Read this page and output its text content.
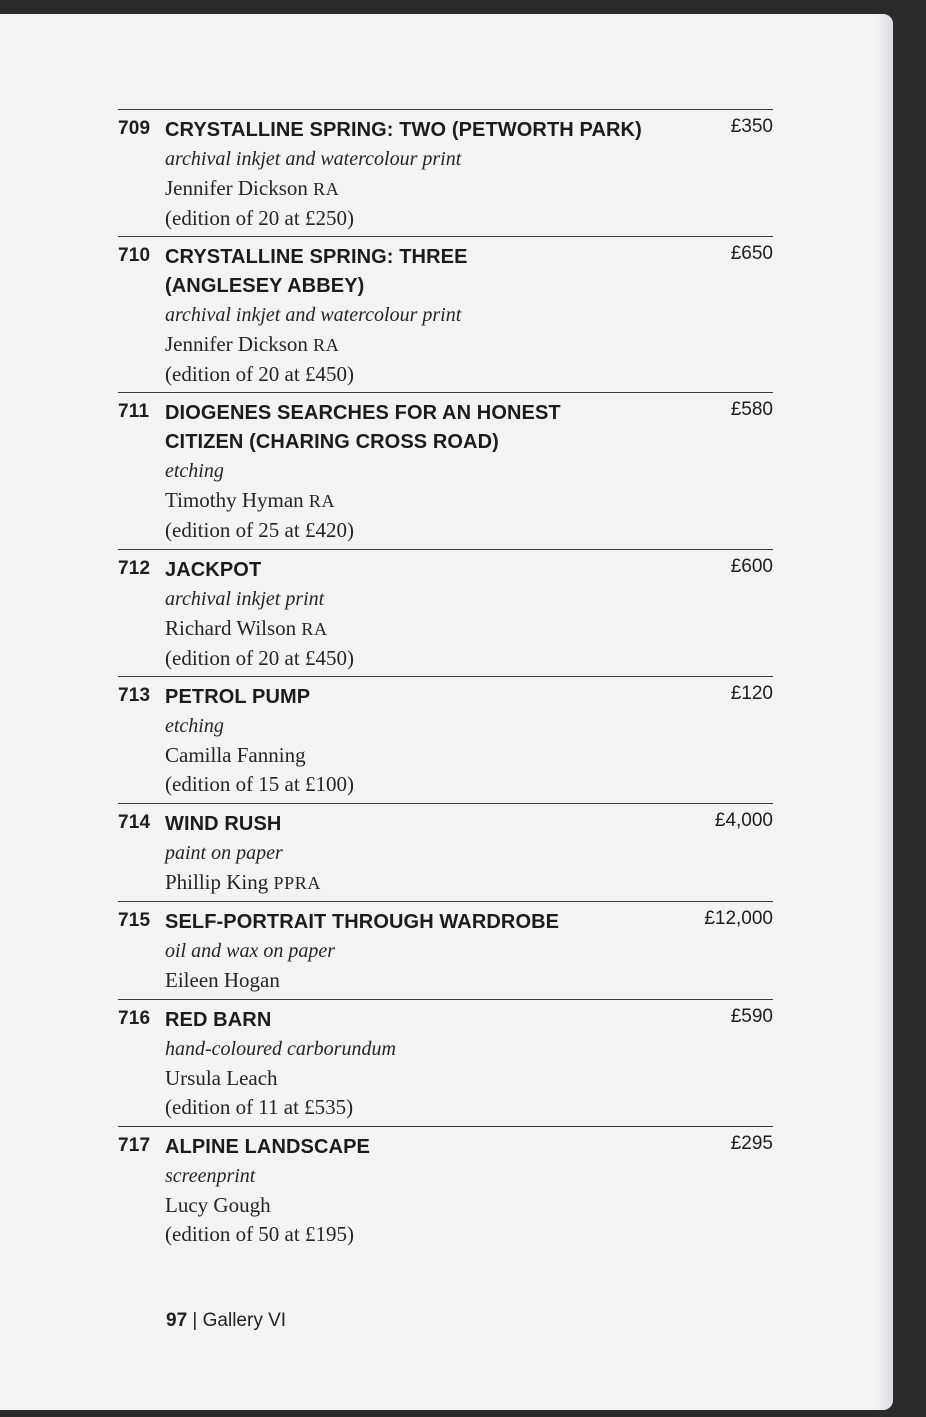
709	£350
CRYSTALLINE SPRING: TWO (PETWORTH PARK)
archival inkjet and watercolour print
Jennifer Dickson RA
(edition of 20 at £250)
710	£650
CRYSTALLINE SPRING: THREE (ANGLESEY ABBEY)
archival inkjet and watercolour print
Jennifer Dickson RA
(edition of 20 at £450)
711	£580
DIOGENES SEARCHES FOR AN HONEST CITIZEN (CHARING CROSS ROAD)
etching
Timothy Hyman RA
(edition of 25 at £420)
712	£600
JACKPOT
archival inkjet print
Richard Wilson RA
(edition of 20 at £450)
713	£120
PETROL PUMP
etching
Camilla Fanning
(edition of 15 at £100)
714	£4,000
WIND RUSH
paint on paper
Phillip King PPRA
715	£12,000
SELF-PORTRAIT THROUGH WARDROBE
oil and wax on paper
Eileen Hogan
716	£590
RED BARN
hand-coloured carborundum
Ursula Leach
(edition of 11 at £535)
717	£295
ALPINE LANDSCAPE
screenprint
Lucy Gough
(edition of 50 at £195)
97 | Gallery VI
